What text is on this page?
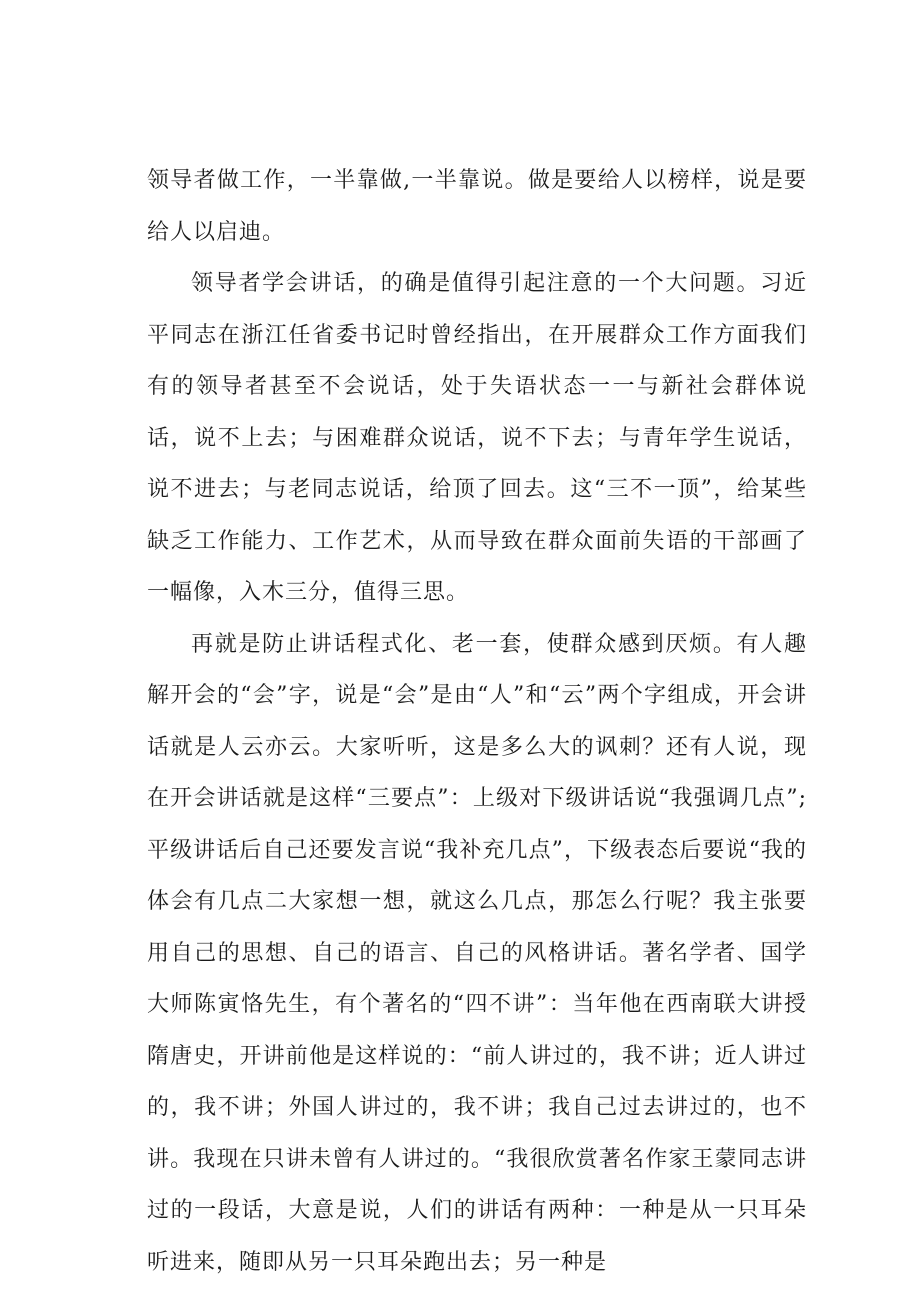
领导者做工作，一半靠做,一半靠说。做是要给人以榜样，说是要给人以启迪。

领导者学会讲话，的确是值得引起注意的一个大问题。习近平同志在浙江任省委书记时曾经指出，在开展群众工作方面我们有的领导者甚至不会说话，处于失语状态一一与新社会群体说话，说不上去；与困难群众说话，说不下去；与青年学生说话，说不进去；与老同志说话，给顶了回去。这“三不一顶”，给某些缺乏工作能力、工作艺术，从而导致在群众面前失语的干部画了一幅像，入木三分，值得三思。

再就是防止讲话程式化、老一套，使群众感到厌烦。有人趣解开会的“会”字，说是“会”是由“人”和“云”两个字组成，开会讲话就是人云亦云。大家听听，这是多么大的讽刺？还有人说，现在开会讲话就是这样“三要点”：上级对下级讲话说“我强调几点”;平级讲话后自己还要发言说“我补充几点”，下级表态后要说“我的体会有几点二大家想一想，就这么几点，那怎么行呢？我主张要用自己的思想、自己的语言、自己的风格讲话。著名学者、国学大师陈寅恪先生，有个著名的“四不讲”：当年他在西南联大讲授隋唐史，开讲前他是这样说的：“前人讲过的，我不讲；近人讲过的，我不讲；外国人讲过的，我不讲；我自己过去讲过的，也不讲。我现在只讲未曾有人讲过的。“我很欣赏著名作家王蒙同志讲过的一段话，大意是说，人们的讲话有两种：一种是从一只耳朵听进来，随即从另一只耳朵跑出去；另一种是
